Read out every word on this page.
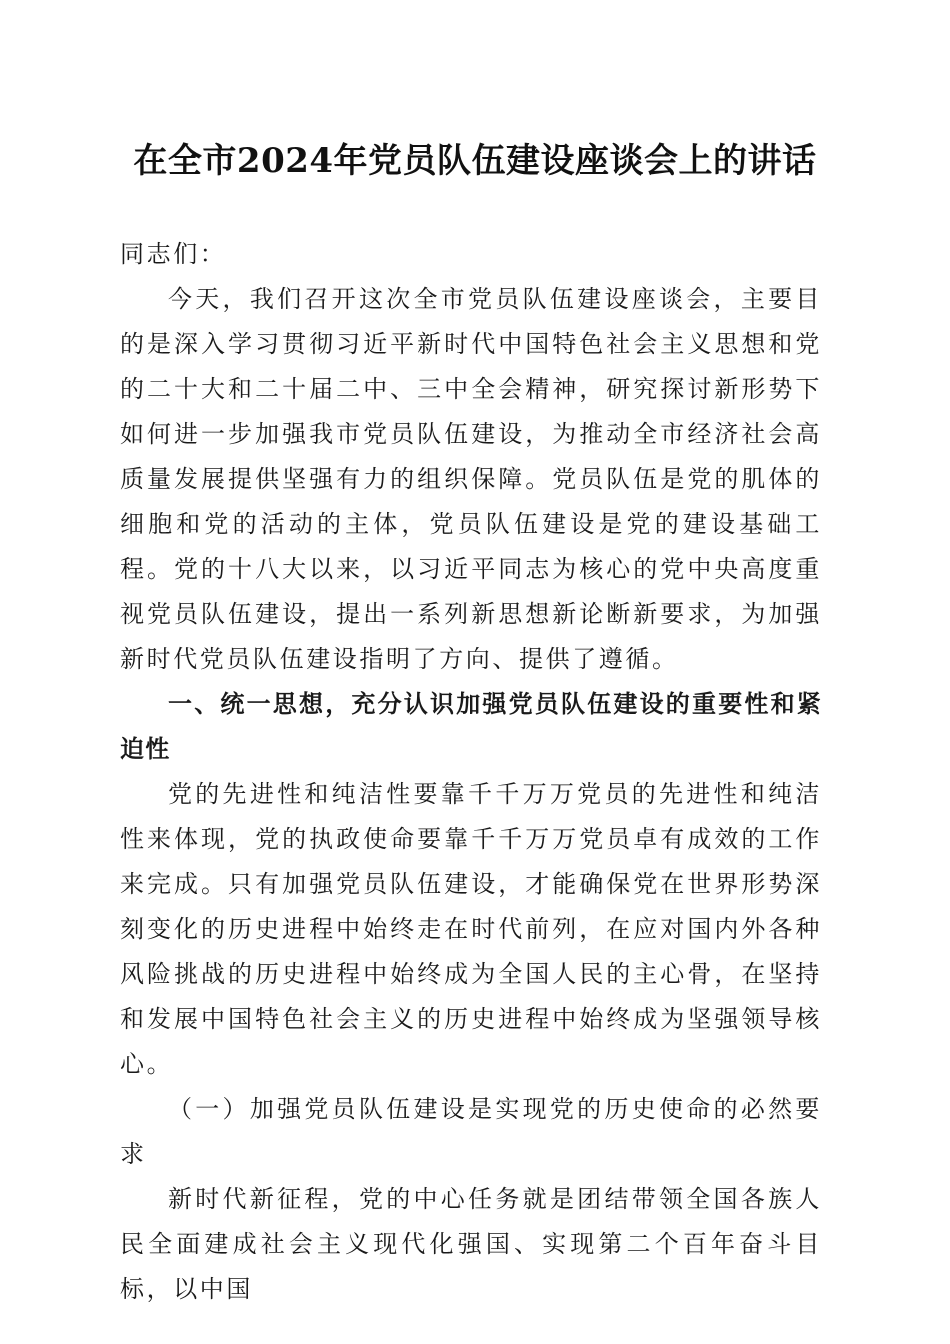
在全市2024年党员队伍建设座谈会上的讲话

同志们：

今天，我们召开这次全市党员队伍建设座谈会，主要目的是深入学习贯彻习近平新时代中国特色社会主义思想和党的二十大和二十届二中、三中全会精神，研究探讨新形势下如何进一步加强我市党员队伍建设，为推动全市经济社会高质量发展提供坚强有力的组织保障。党员队伍是党的肌体的细胞和党的活动的主体，党员队伍建设是党的建设基础工程。党的十八大以来，以习近平同志为核心的党中央高度重视党员队伍建设，提出一系列新思想新论断新要求，为加强新时代党员队伍建设指明了方向、提供了遵循。

一、统一思想，充分认识加强党员队伍建设的重要性和紧迫性

党的先进性和纯洁性要靠千千万万党员的先进性和纯洁性来体现，党的执政使命要靠千千万万党员卓有成效的工作来完成。只有加强党员队伍建设，才能确保党在世界形势深刻变化的历史进程中始终走在时代前列，在应对国内外各种风险挑战的历史进程中始终成为全国人民的主心骨，在坚持和发展中国特色社会主义的历史进程中始终成为坚强领导核心。

（一）加强党员队伍建设是实现党的历史使命的必然要求

新时代新征程，党的中心任务就是团结带领全国各族人民全面建成社会主义现代化强国、实现第二个百年奋斗目标，以中国
